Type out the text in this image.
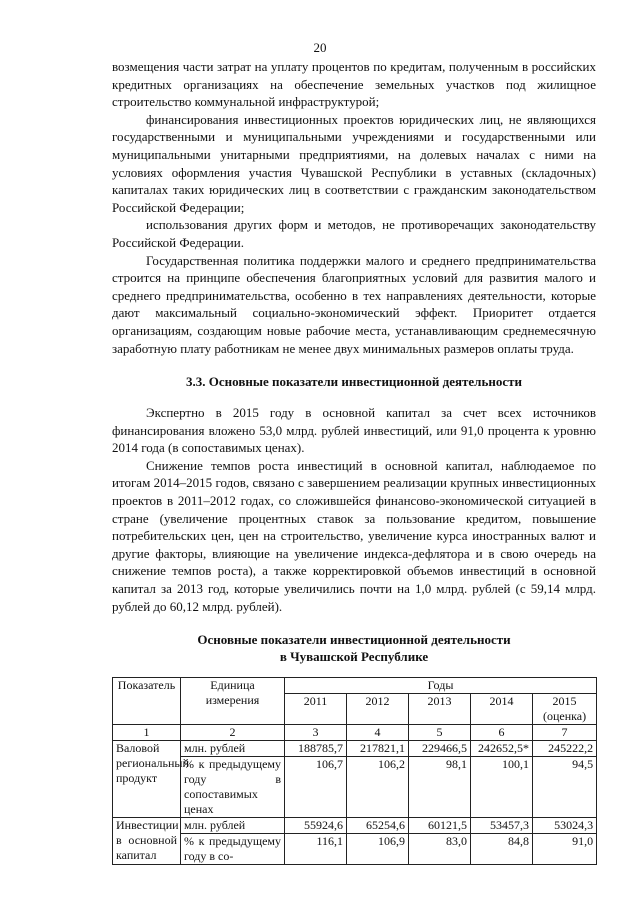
20

возмещения части затрат на уплату процентов по кредитам, полученным в российских кредитных организациях на обеспечение земельных участков под жилищное строительство коммунальной инфраструктурой;

финансирования инвестиционных проектов юридических лиц, не являющихся государственными и муниципальными учреждениями и государственными или муниципальными унитарными предприятиями, на долевых началах с ними на условиях оформления участия Чувашской Республики в уставных (складочных) капиталах таких юридических лиц в соответствии с гражданским законодательством Российской Федерации;

использования других форм и методов, не противоречащих законодательству Российской Федерации.

Государственная политика поддержки малого и среднего предпринимательства строится на принципе обеспечения благоприятных условий для развития малого и среднего предпринимательства, особенно в тех направлениях деятельности, которые дают максимальный социально-экономический эффект. Приоритет отдается организациям, создающим новые рабочие места, устанавливающим среднемесячную заработную плату работникам не менее двух минимальных размеров оплаты труда.

3.3. Основные показатели инвестиционной деятельности

Экспертно в 2015 году в основной капитал за счет всех источников финансирования вложено 53,0 млрд. рублей инвестиций, или 91,0 процента к уровню 2014 года (в сопоставимых ценах).

Снижение темпов роста инвестиций в основной капитал, наблюдаемое по итогам 2014–2015 годов, связано с завершением реализации крупных инвестиционных проектов в 2011–2012 годах, со сложившейся финансово-экономической ситуацией в стране (увеличение процентных ставок за пользование кредитом, повышение потребительских цен, цен на строительство, увеличение курса иностранных валют и другие факторы, влияющие на увеличение индекса-дефлятора и в свою очередь на снижение темпов роста), а также корректировкой объемов инвестиций в основной капитал за 2013 год, которые увеличились почти на 1,0 млрд. рублей (с 59,14 млрд. рублей до 60,12 млрд. рублей).

Основные показатели инвестиционной деятельности
в Чувашской Республике
Показатель	Единица измерения	Годы				
		2011	2012	2013	2014	2015 (оценка)
1	2	3	4	5	6	7
Валовой региональный продукт	млн. рублей	188785,7	217821,1	229466,5	242652,5*	245222,2
	% к предыдущему году в сопоставимых ценах	106,7	106,2	98,1	100,1	94,5
Инвестиции в основной капитал	млн. рублей	55924,6	65254,6	60121,5	53457,3	53024,3
	% к предыдущему году в со-	116,1	106,9	83,0	84,8	91,0
